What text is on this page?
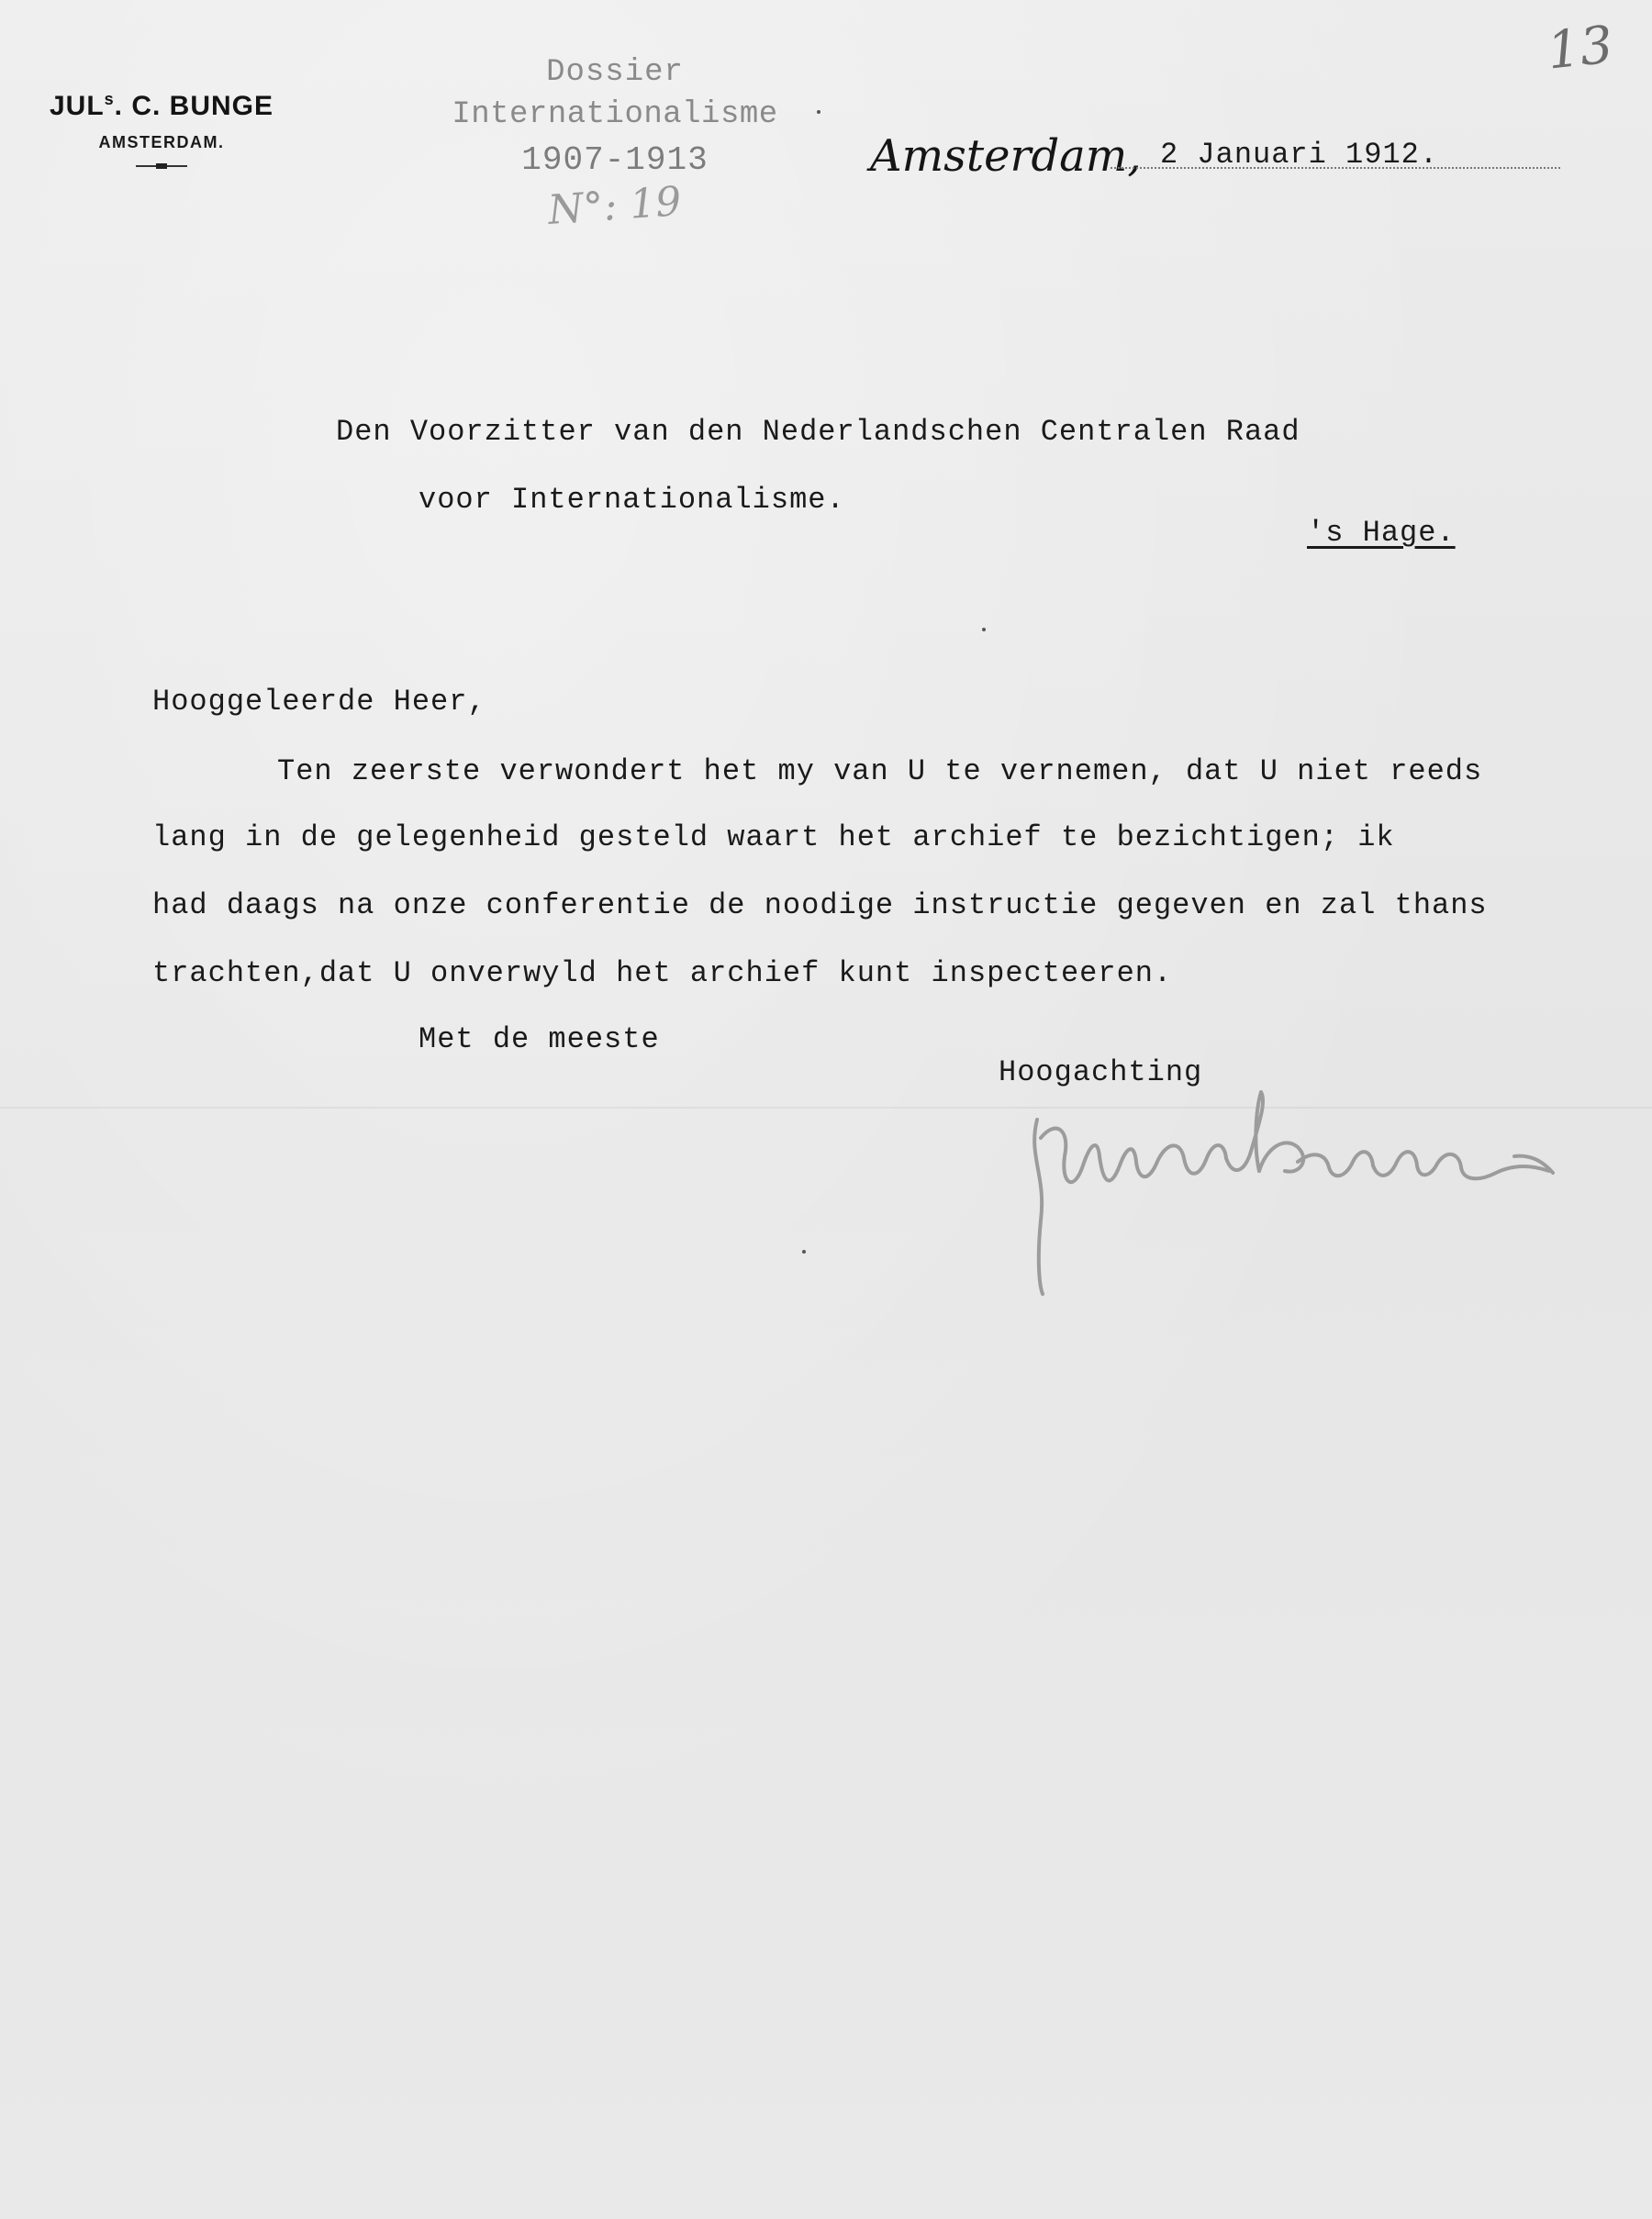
JUL$^s$. C. BUNGE
AMSTERDAM.
Dossier
Internationalisme
1907-1913
N°: 19
13
Amsterdam, 2 Januari 1912.
Den Voorzitter van den Nederlandschen Centralen Raad
voor Internationalisme.
's Hage.
Hooggeleerde Heer,
Ten zeerste verwondert het my van U te vernemen, dat U niet reeds
lang in de gelegenheid gesteld waart het archief te bezichtigen; ik
had daags na onze conferentie de noodige instructie gegeven en zal thans
trachten,dat U onverwyld het archief kunt inspecteeren.
Met de meeste
Hoogachting
